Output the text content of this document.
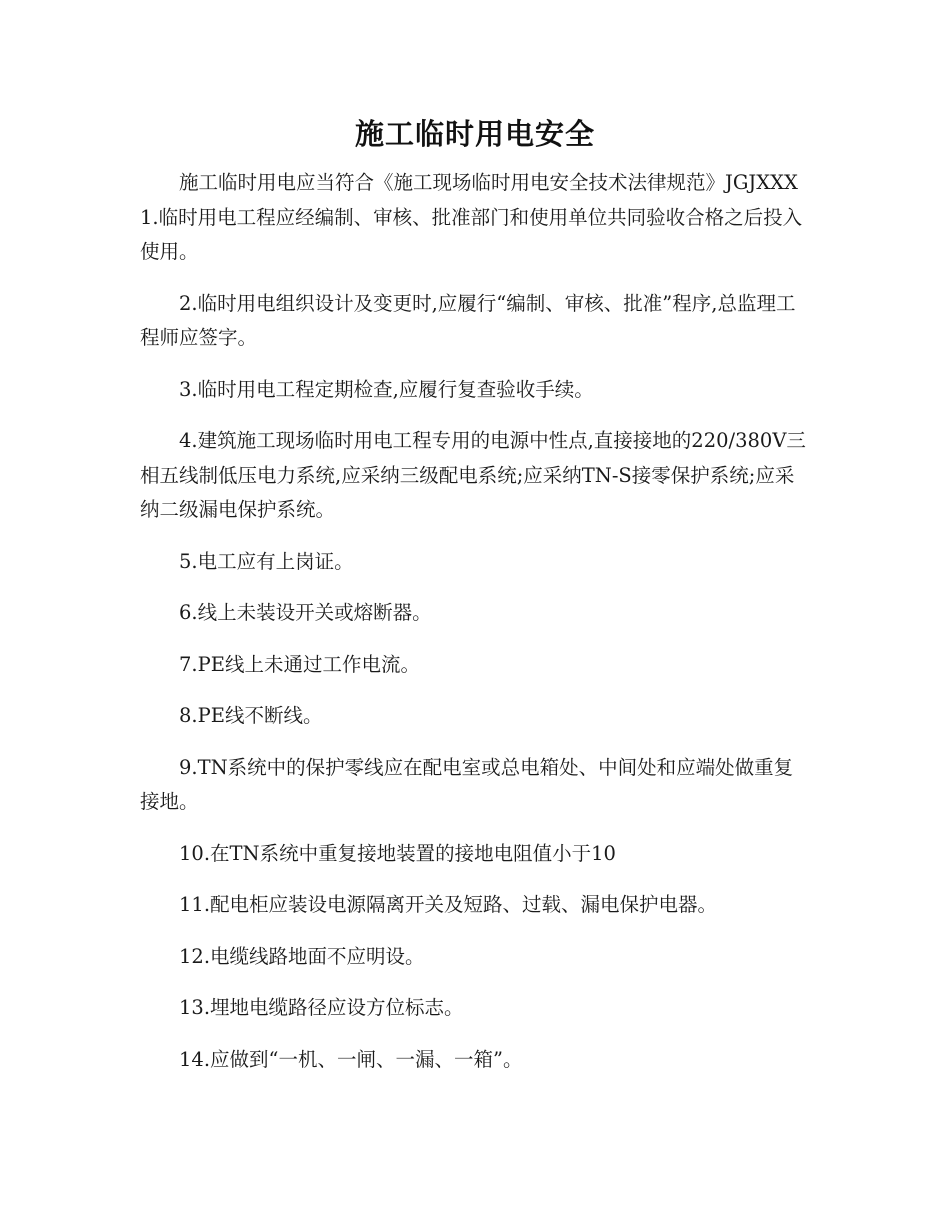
施工临时用电安全

施工临时用电应当符合《施工现场临时用电安全技术法律规范》JGJXXX1.临时用电工程应经编制、审核、批准部门和使用单位共同验收合格之后投入使用。

2.临时用电组织设计及变更时,应履行“编制、审核、批准”程序,总监理工程师应签字。

3.临时用电工程定期检查,应履行复查验收手续。

4.建筑施工现场临时用电工程专用的电源中性点,直接接地的220/380V三相五线制低压电力系统,应采纳三级配电系统;应采纳TN-S接零保护系统;应采纳二级漏电保护系统。

5.电工应有上岗证。

6.线上未装设开关或熔断器。

7.PE线上未通过工作电流。

8.PE线不断线。

9.TN系统中的保护零线应在配电室或总电箱处、中间处和应端处做重复接地。

10.在TN系统中重复接地装置的接地电阻值小于10

11.配电柜应装设电源隔离开关及短路、过载、漏电保护电器。

12.电缆线路地面不应明设。

13.埋地电缆路径应设方位标志。

14.应做到“一机、一闸、一漏、一箱”。
